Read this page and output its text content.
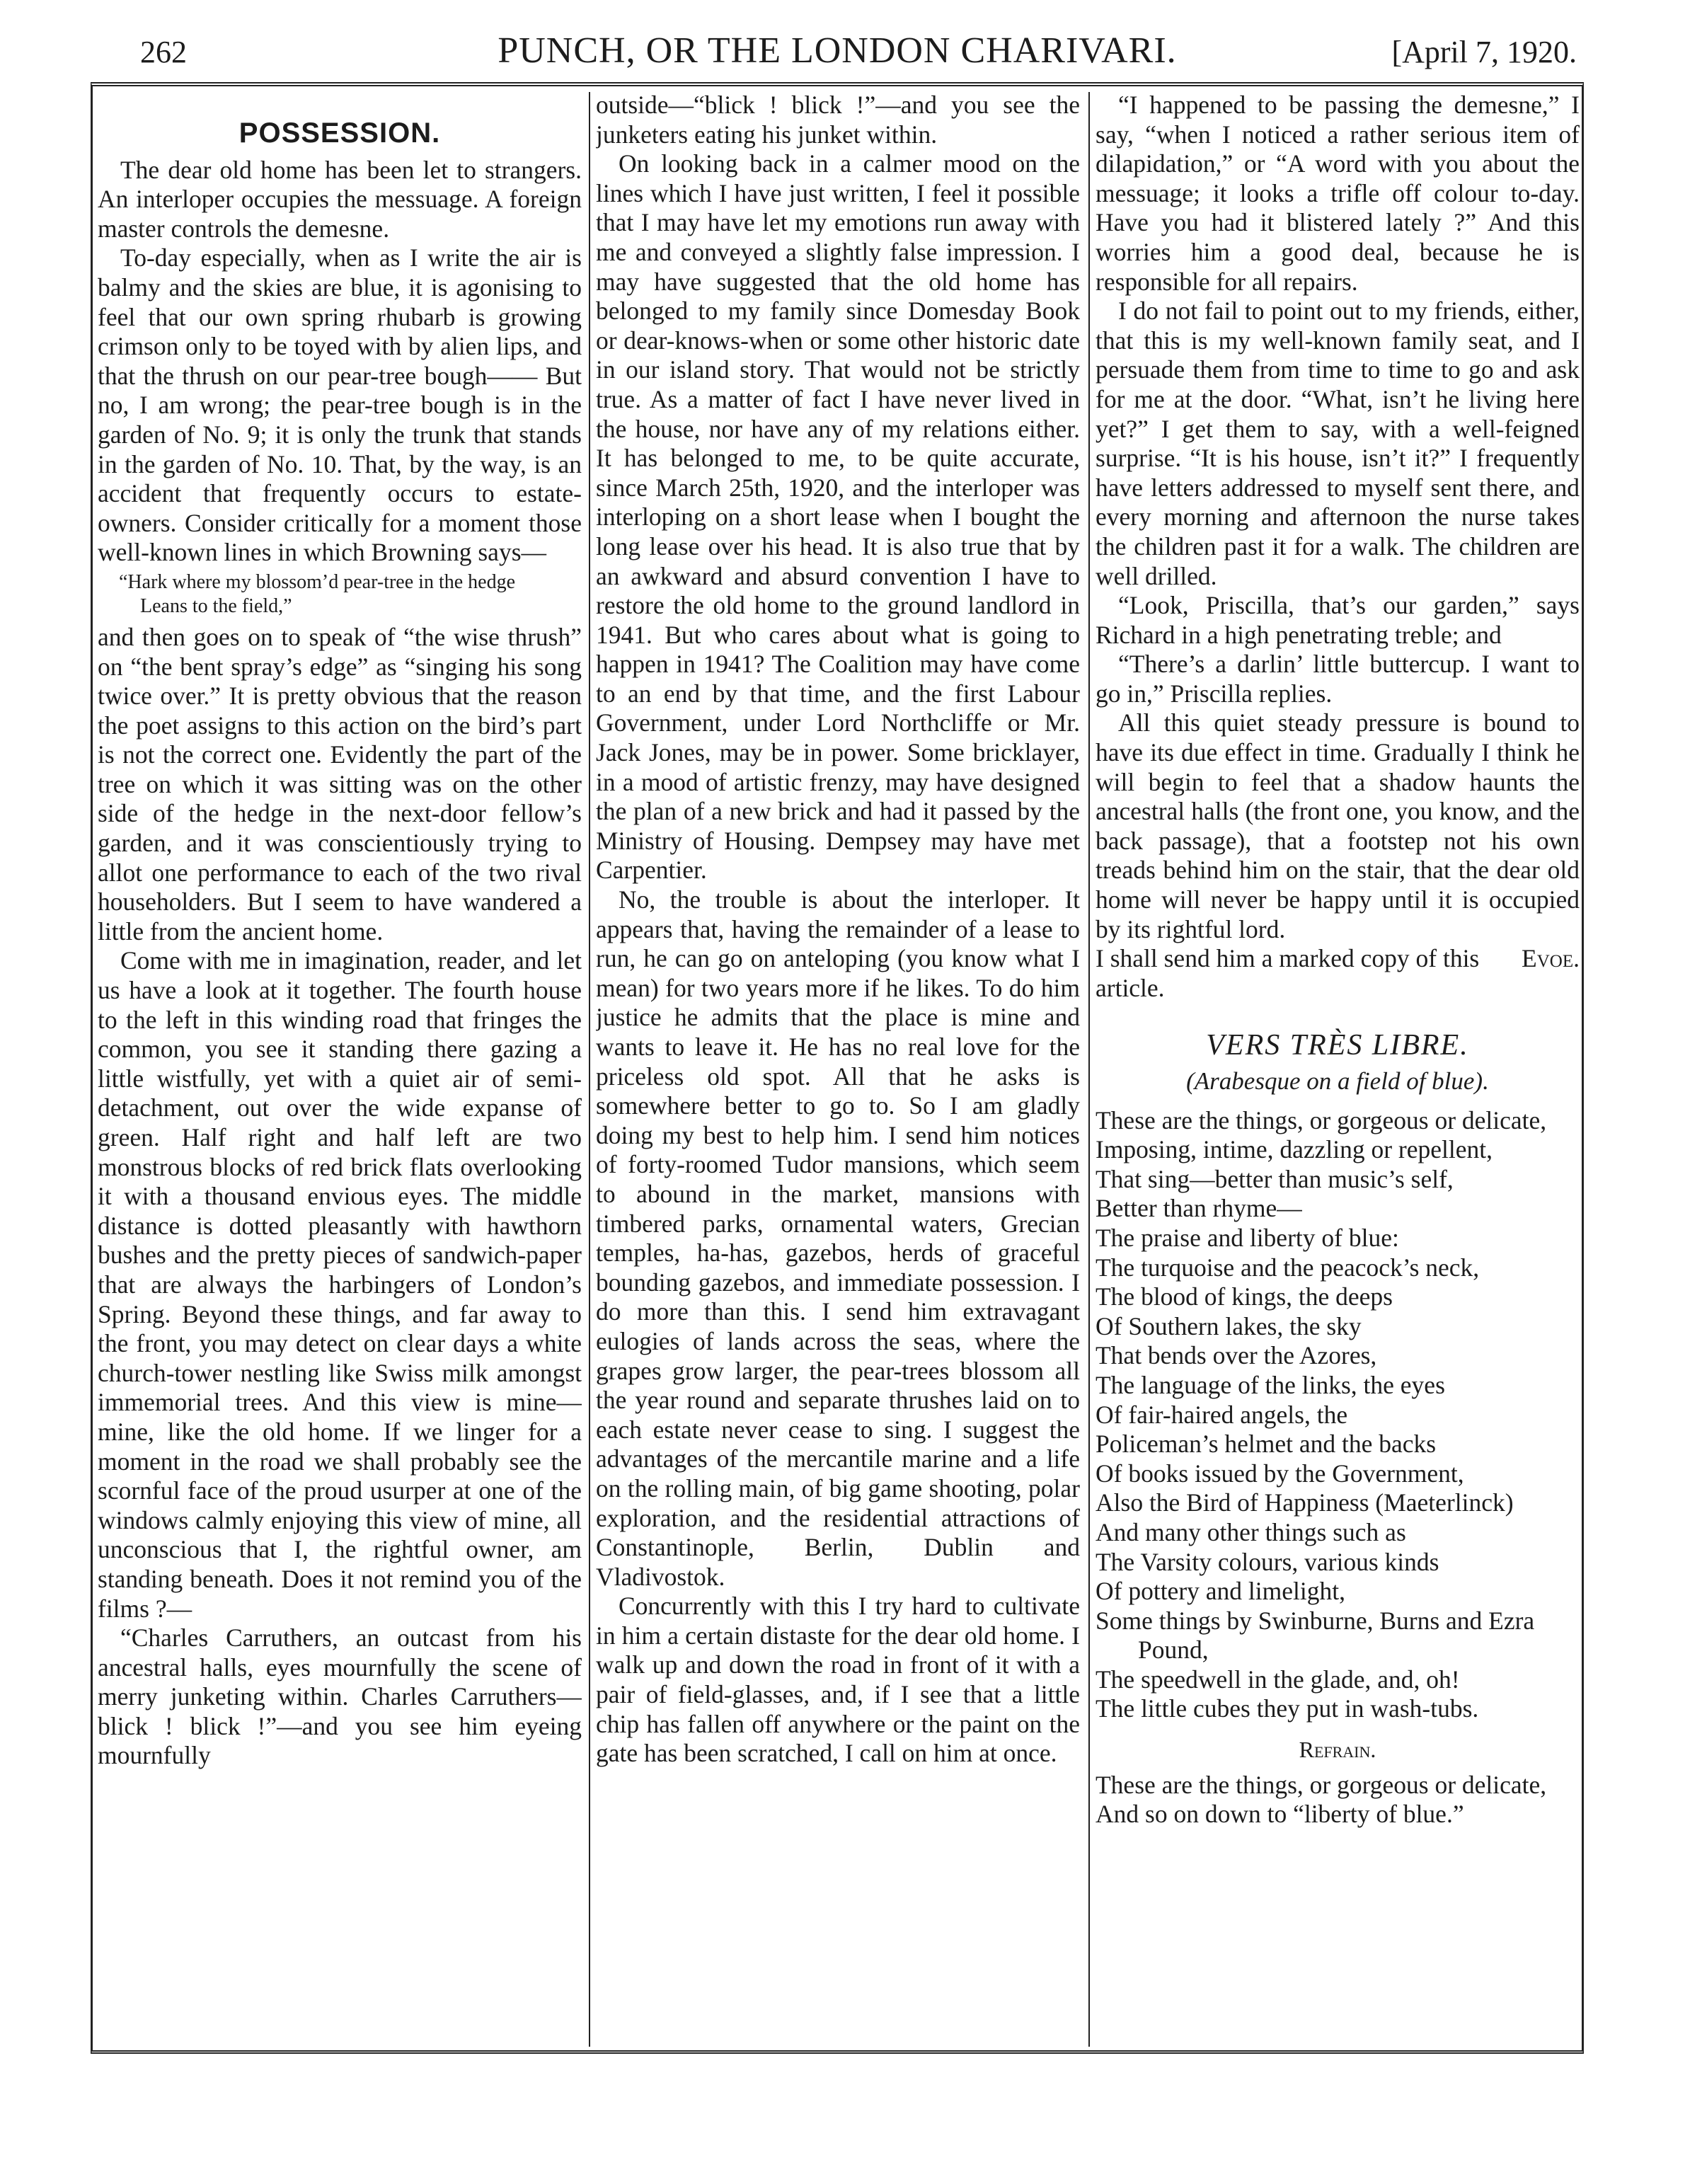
262	PUNCH, OR THE LONDON CHARIVARI.	[April 7, 1920.
POSSESSION.

The dear old home has been let to strangers. An interloper occupies the messuage. A foreign master controls the demesne.

To-day especially, when as I write the air is balmy and the skies are blue, it is agonising to feel that our own spring rhubarb is growing crimson only to be toyed with by alien lips, and that the thrush on our pear-tree bough—— But no, I am wrong; the pear-tree bough is in the garden of No. 9; it is only the trunk that stands in the garden of No. 10. That, by the way, is an accident that frequently occurs to estate-owners. Consider critically for a moment those well-known lines in which Browning says—

“Hark where my blossom’d pear-tree in the hedge
Leans to the field,”

and then goes on to speak of “the wise thrush” on “the bent spray’s edge” as “singing his song twice over.” It is pretty obvious that the reason the poet assigns to this action on the bird’s part is not the correct one. Evidently the part of the tree on which it was sitting was on the other side of the hedge in the next-door fellow’s garden, and it was conscientiously trying to allot one performance to each of the two rival householders. But I seem to have wandered a little from the ancient home.

Come with me in imagination, reader, and let us have a look at it together. The fourth house to the left in this winding road that fringes the common, you see it standing there gazing a little wistfully, yet with a quiet air of semi-detachment, out over the wide expanse of green. Half right and half left are two monstrous blocks of red brick flats overlooking it with a thousand envious eyes. The middle distance is dotted pleasantly with hawthorn bushes and the pretty pieces of sandwich-paper that are always the harbingers of London’s Spring. Beyond these things, and far away to the front, you may detect on clear days a white church-tower nestling like Swiss milk amongst immemorial trees. And this view is mine—mine, like the old home. If we linger for a moment in the road we shall probably see the scornful face of the proud usurper at one of the windows calmly enjoying this view of mine, all unconscious that I, the rightful owner, am standing beneath. Does it not remind you of the films ?—

“Charles Carruthers, an outcast from his ancestral halls, eyes mournfully the scene of merry junketing within. Charles Carruthers—blick ! blick !”—and you see him eyeing mournfully

outside—“blick ! blick !”—and you see the junketers eating his junket within.

On looking back in a calmer mood on the lines which I have just written, I feel it possible that I may have let my emotions run away with me and conveyed a slightly false impression. I may have suggested that the old home has belonged to my family since Domesday Book or dear-knows-when or some other historic date in our island story. That would not be strictly true. As a matter of fact I have never lived in the house, nor have any of my relations either. It has belonged to me, to be quite accurate, since March 25th, 1920, and the interloper was interloping on a short lease when I bought the long lease over his head. It is also true that by an awkward and absurd convention I have to restore the old home to the ground landlord in 1941. But who cares about what is going to happen in 1941? The Coalition may have come to an end by that time, and the first Labour Government, under Lord Northcliffe or Mr. Jack Jones, may be in power. Some bricklayer, in a mood of artistic frenzy, may have designed the plan of a new brick and had it passed by the Ministry of Housing. Dempsey may have met Carpentier.

No, the trouble is about the interloper. It appears that, having the remainder of a lease to run, he can go on anteloping (you know what I mean) for two years more if he likes. To do him justice he admits that the place is mine and wants to leave it. He has no real love for the priceless old spot. All that he asks is somewhere better to go to. So I am gladly doing my best to help him. I send him notices of forty-roomed Tudor mansions, which seem to abound in the market, mansions with timbered parks, ornamental waters, Grecian temples, ha-has, gazebos, herds of graceful bounding gazebos, and immediate possession. I do more than this. I send him extravagant eulogies of lands across the seas, where the grapes grow larger, the pear-trees blossom all the year round and separate thrushes laid on to each estate never cease to sing. I suggest the advantages of the mercantile marine and a life on the rolling main, of big game shooting, polar exploration, and the residential attractions of Constantinople, Berlin, Dublin and Vladivostok.

Concurrently with this I try hard to cultivate in him a certain distaste for the dear old home. I walk up and down the road in front of it with a pair of field-glasses, and, if I see that a little chip has fallen off anywhere or the paint on the gate has been scratched, I call on him at once.

“I happened to be passing the demesne,” I say, “when I noticed a rather serious item of dilapidation,” or “A word with you about the messuage; it looks a trifle off colour to-day. Have you had it blistered lately ?” And this worries him a good deal, because he is responsible for all repairs.

I do not fail to point out to my friends, either, that this is my well-known family seat, and I persuade them from time to time to go and ask for me at the door. “What, isn’t he living here yet?” I get them to say, with a well-feigned surprise. “It is his house, isn’t it?” I frequently have letters addressed to myself sent there, and every morning and afternoon the nurse takes the children past it for a walk. The children are well drilled.

“Look, Priscilla, that’s our garden,” says Richard in a high penetrating treble; and

“There’s a darlin’ little buttercup. I want to go in,” Priscilla replies.

All this quiet steady pressure is bound to have its due effect in time. Gradually I think he will begin to feel that a shadow haunts the ancestral halls (the front one, you know, and the back passage), that a footstep not his own treads behind him on the stair, that the dear old home will never be happy until it is occupied by its rightful lord.

I shall send him a marked copy of this article.
Evoe.
VERS TRÈS LIBRE.
(Arabesque on a field of blue).
These are the things, or gorgeous or delicate,
Imposing, intime, dazzling or repellent,
That sing—better than music’s self,
Better than rhyme—
The praise and liberty of blue:
The turquoise and the peacock’s neck,
The blood of kings, the deeps
Of Southern lakes, the sky
That bends over the Azores,
The language of the links, the eyes
Of fair-haired angels, the
Policeman’s helmet and the backs
Of books issued by the Government,
Also the Bird of Happiness (Maeterlinck)
And many other things such as
The Varsity colours, various kinds
Of pottery and limelight,
Some things by Swinburne, Burns and Ezra Pound,
The speedwell in the glade, and, oh!
The little cubes they put in wash-tubs.
Refrain.
These are the things, or gorgeous or delicate,
And so on down to “liberty of blue.”
